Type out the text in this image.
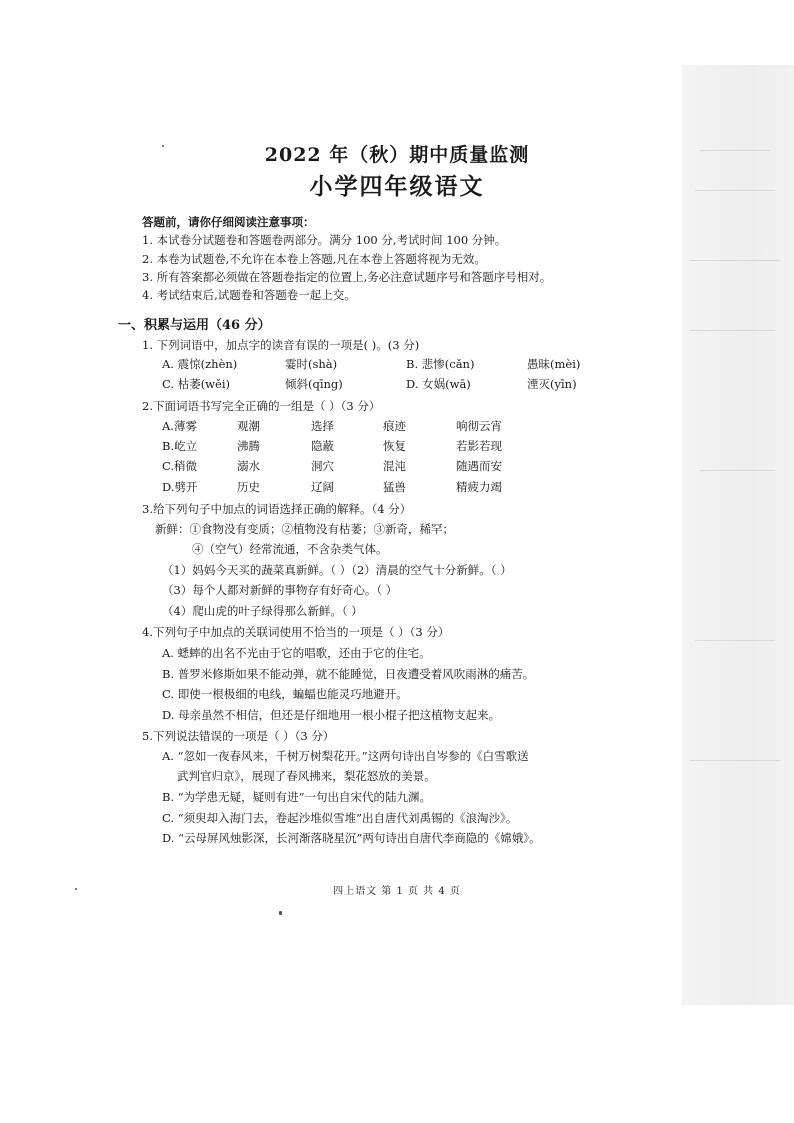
2022 年（秋）期中质量监测
小学四年级语文
答题前，请你仔细阅读注意事项：
1. 本试卷分试题卷和答题卷两部分。满分 100 分,考试时间 100 分钟。
2. 本卷为试题卷,不允许在本卷上答题,凡在本卷上答题将视为无效。
3. 所有答案都必须做在答题卷指定的位置上,务必注意试题序号和答题序号相对。
4. 考试结束后,试题卷和答题卷一起上交。
一、积累与运用（46 分）
1. 下列词语中，加点字的读音有误的一项是( )。(3 分)
A. 震惊(zhèn)	霎时(shà)	B. 悲惨(cǎn)	愚昧(mèi)
C. 枯萎(wěi)	倾斜(qīng)	D. 女娲(wā)	湮灭(yīn)
2.下面词语书写完全正确的一组是（ ）（3 分）
A.薄雾	观潮	选择	痕迹	响彻云宵
B.屹立	沸腾	隐蔽	恢复	若影若现
C.稍微	溺水	洞穴	混沌	随遇而安
D.劈开	历史	辽阔	猛兽	精疲力竭
3.给下列句子中加点的词语选择正确的解释。（4 分）
新鲜：①食物没有变质；②植物没有枯萎；③新奇，稀罕；
④（空气）经常流通，不含杂类气体。
（1）妈妈今天买的蔬菜真新鲜。（ ）（2）清晨的空气十分新鲜。（ ）
（3）每个人都对新鲜的事物存有好奇心。（ ）
（4）爬山虎的叶子绿得那么新鲜。（ ）
4.下列句子中加点的关联词使用不恰当的一项是（ ）（3 分）
A. 蟋蟀的出名不光由于它的唱歌，还由于它的住宅。
B. 普罗米修斯如果不能动弹，就不能睡觉，日夜遭受着风吹雨淋的痛苦。
C. 即使一根极细的电线，蝙蝠也能灵巧地避开。
D. 母亲虽然不相信，但还是仔细地用一根小棍子把这植物支起来。
5.下列说法错误的一项是（ ）（3 分）
A. “忽如一夜春风来，千树万树梨花开。”这两句诗出自岑参的《白雪歌送
武判官归京》，展现了春风拂来，梨花怒放的美景。
B. “为学患无疑，疑则有进”一句出自宋代的陆九渊。
C. “须臾却入海门去，卷起沙堆似雪堆”出自唐代刘禹锡的《浪淘沙》。
D. “云母屏风烛影深，长河渐落晓星沉”两句诗出自唐代李商隐的《嫦娥》。
四上语文 第 1 页 共 4 页
